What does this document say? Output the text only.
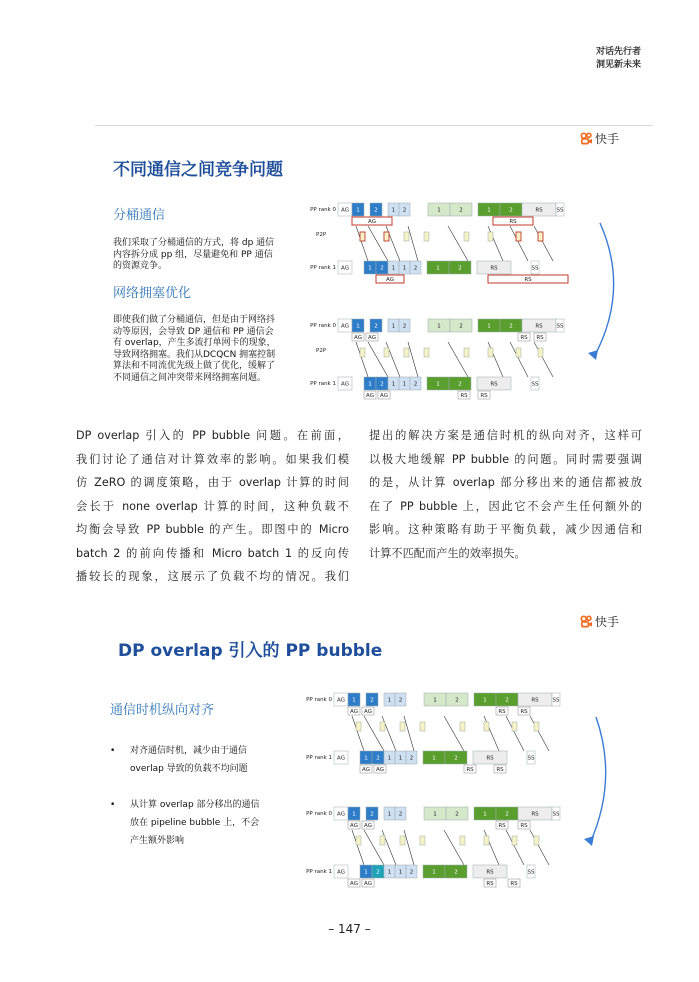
对话先行者
洞见新未来
快手
不同通信之间竞争问题
分桶通信
我们采取了分桶通信的方式，将 dp 通信
内容拆分成 pp 组，尽量避免和 PP 通信
的资源竞争。
网络拥塞优化
即使我们做了分桶通信，但是由于网络抖
动等原因，会导致 DP 通信和 PP 通信会
有 overlap，产生多流打单网卡的现象，
导致网络拥塞。我们从DCQCN 拥塞控制
算法和不同流优先级上做了优化，缓解了
不同通信之间冲突带来网络拥塞问题。
PP rank 0 AG 1	2	1 2	1	2	1	2	RS	SS
P2P
AG	RS
PP rank 1 AG	1 2 1 1 2	1	2	RS	SS
AG	RS
PP rank 0 AG 1	2	1 2	1	2	1	2	RS	SS
P2P
AG AG	RS RS
PP rank 1 AG	1 2 1 1 2	1	2	RS	SS
AG AG	RS RS
DP overlap 引入的 PP bubble 问题。在前面，
我们讨论了通信对计算效率的影响。如果我们模
仿 ZeRO 的调度策略，由于 overlap 计算的时间
会长于 none overlap 计算的时间，这种负载不
均衡会导致 PP bubble 的产生。即图中的 Micro
batch 2 的前向传播和 Micro batch 1 的反向传
播较长的现象，这展示了负载不均的情况。我们
提出的解决方案是通信时机的纵向对齐，这样可
以极大地缓解 PP bubble 的问题。同时需要强调
的是，从计算 overlap 部分移出来的通信都被放
在了 PP bubble 上，因此它不会产生任何额外的
影响。这种策略有助于平衡负载，减少因通信和
计算不匹配而产生的效率损失。
快手
DP overlap 引入的 PP bubble
通信时机纵向对齐
• 对齐通信时机，减少由于通信
overlap 导致的负载不均问题
• 从计算 overlap 部分移出的通信
放在 pipeline bubble 上，不会
产生额外影响
PP rank 0 AG 1	2	1 2	1	2	1	2	RS	SS
AG AG	RS	RS
PP rank 1 AG	1 2 1 1 2	1	2	RS	SS
AG AG	RS	RS
PP rank 0 AG 1	2	1 2	1	2	1	2	RS	SS
AG AG	RS	RS
PP rank 1 AG	1 2 1 1 2	1	2	RS	SS
AG AG	RS	RS
– 147 –
